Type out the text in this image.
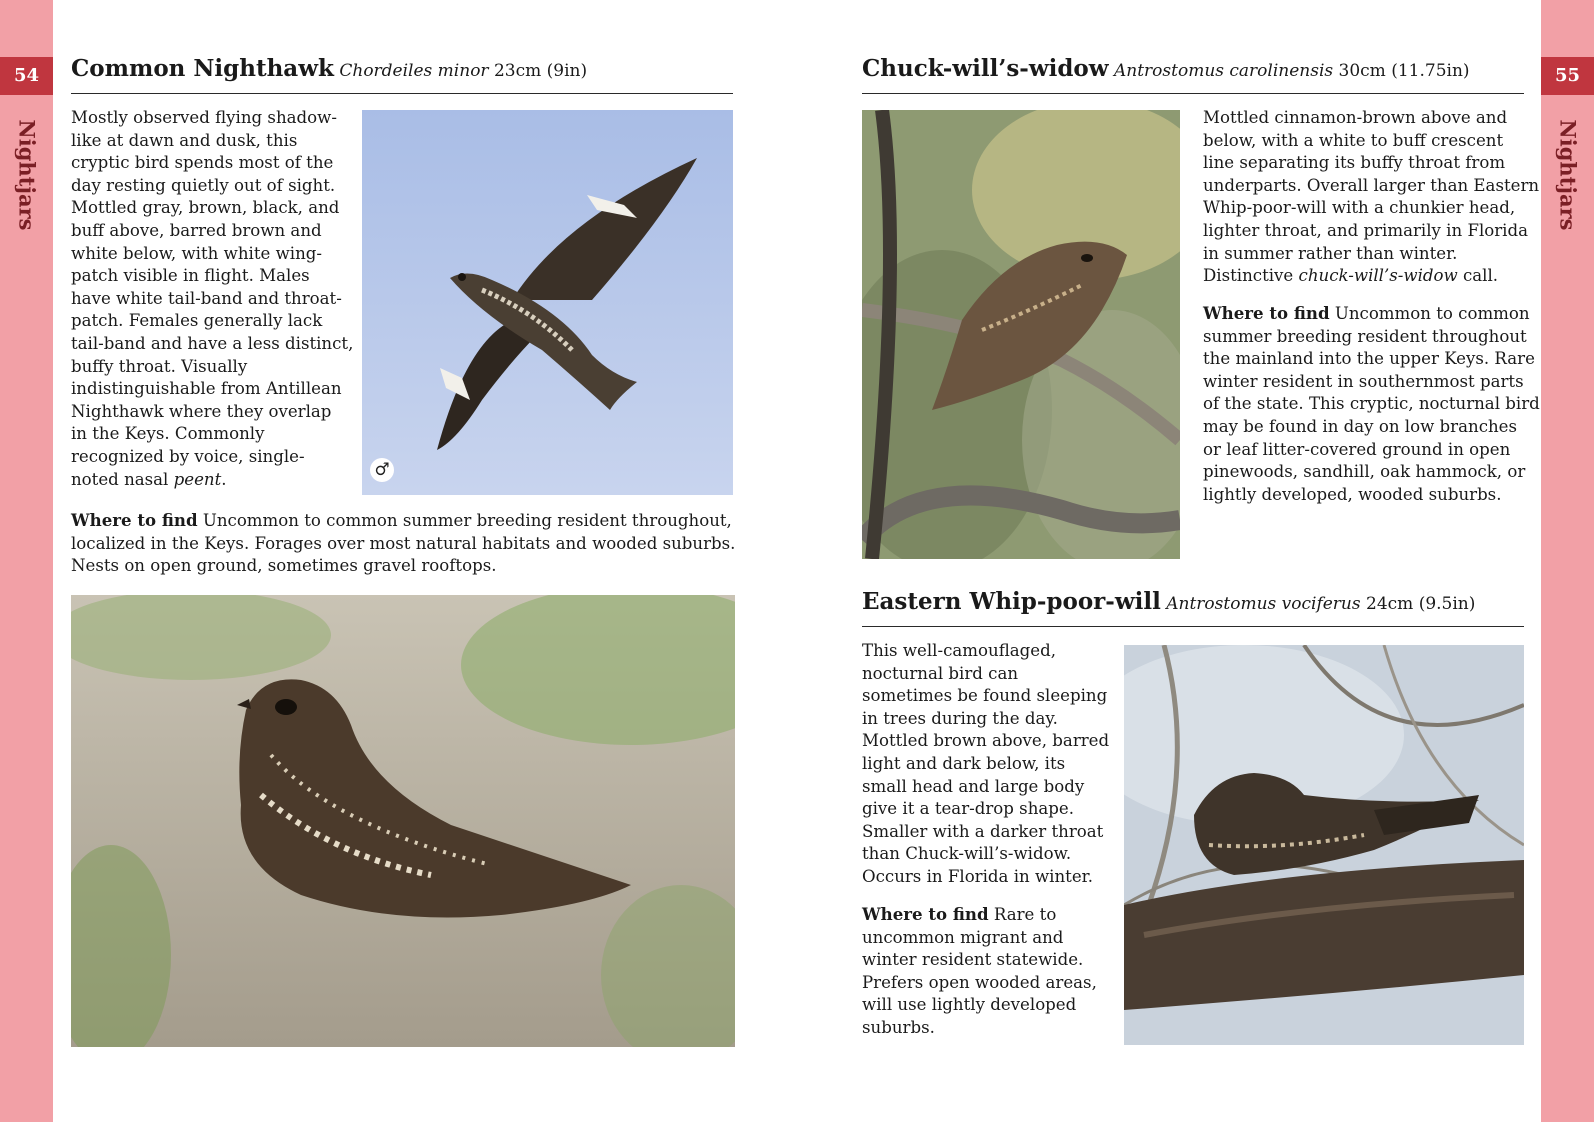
54	55
Nightjars	Nightjars
Common Nighthawk Chordeiles minor 23cm (9in)
Mostly observed flying shadow-
like at dawn and dusk, this
cryptic bird spends most of the
day resting quietly out of sight.
Mottled gray, brown, black, and
buff above, barred brown and
white below, with white wing-
patch visible in flight. Males
have white tail-band and throat-
patch. Females generally lack
tail-band and have a less distinct,
buffy throat. Visually
indistinguishable from Antillean
Nighthawk where they overlap
in the Keys. Commonly
recognized by voice, single-
noted nasal peent.	♂
Where to find Uncommon to common summer breeding resident throughout,
localized in the Keys. Forages over most natural habitats and wooded suburbs.
Nests on open ground, sometimes gravel rooftops.
Chuck-will’s-widow Antrostomus carolinensis 30cm (11.75in)
Mottled cinnamon-brown above and
below, with a white to buff crescent
line separating its buffy throat from
underparts. Overall larger than Eastern
Whip-poor-will with a chunkier head,
lighter throat, and primarily in Florida
in summer rather than winter.
Distinctive chuck-will’s-widow call.
Where to find Uncommon to common
summer breeding resident throughout
the mainland into the upper Keys. Rare
winter resident in southernmost parts
of the state. This cryptic, nocturnal bird
may be found in day on low branches
or leaf litter-covered ground in open
pinewoods, sandhill, oak hammock, or
lightly developed, wooded suburbs.
Eastern Whip-poor-will Antrostomus vociferus 24cm (9.5in)
This well-camouflaged,
nocturnal bird can
sometimes be found sleeping
in trees during the day.
Mottled brown above, barred
light and dark below, its
small head and large body
give it a tear-drop shape.
Smaller with a darker throat
than Chuck-will’s-widow.
Occurs in Florida in winter.
Where to find Rare to
uncommon migrant and
winter resident statewide.
Prefers open wooded areas,
will use lightly developed
suburbs.
